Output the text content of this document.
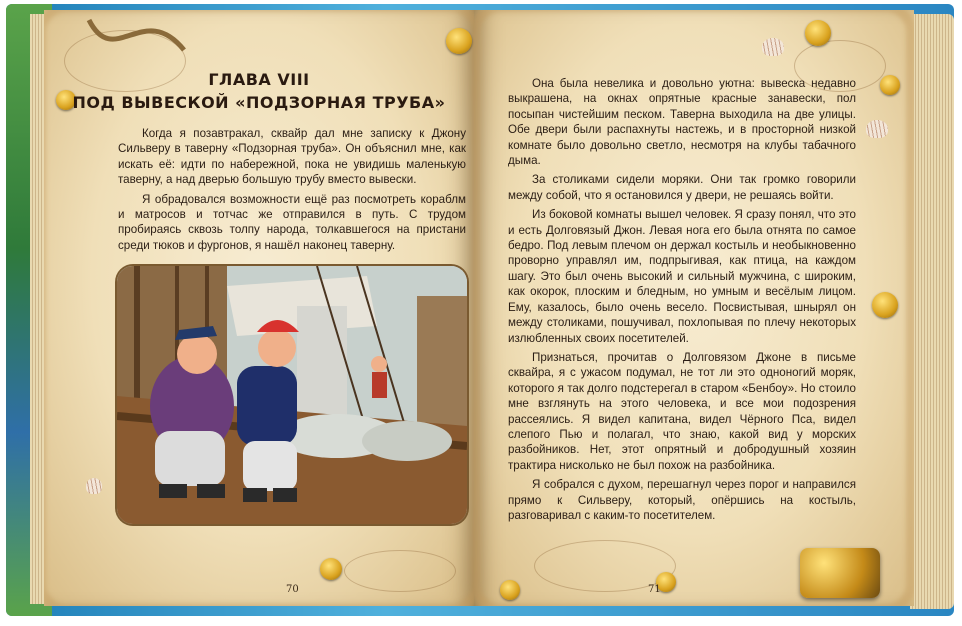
ГЛАВА VIII
ПОД ВЫВЕСКОЙ «ПОДЗОРНАЯ ТРУБА»

Когда я позавтракал, сквайр дал мне записку к Джону Сильверу в таверну «Подзорная труба». Он объяснил мне, как искать её: идти по набережной, пока не увидишь маленькую таверну, а над дверью большую трубу вместо вывески.

Я обрадовался возможности ещё раз посмотреть кораблм и матросов и тотчас же отправился в путь. С трудом пробираясь сквозь толпу народа, толкавшегося на пристани среди тюков и фургонов, я нашёл наконец таверну.

70

Она была невелика и довольно уютна: вывеска недавно выкрашена, на окнах опрятные красные занавески, пол посыпан чистейшим песком. Таверна выходила на две улицы. Обе двери были распахнуты настежь, и в просторной низкой комнате было довольно светло, несмотря на клубы табачного дыма.

За столиками сидели моряки. Они так громко говорили между собой, что я остановился у двери, не решаясь войти.

Из боковой комнаты вышел человек. Я сразу понял, что это и есть Долговязый Джон. Левая нога его была отнята по самое бедро. Под левым плечом он держал костыль и необыкновенно проворно управлял им, подпрыгивая, как птица, на каждом шагу. Это был очень высокий и сильный мужчина, с широким, как окорок, плоским и бледным, но умным и весёлым лицом. Ему, казалось, было очень весело. Посвистывая, шнырял он между столиками, пошучивал, похлопывая по плечу некоторых излюбленных своих посетителей.

Признаться, прочитав о Долговязом Джоне в письме сквайра, я с ужасом подумал, не тот ли это одноногий моряк, которого я так долго подстерегал в старом «Бенбоу». Но стоило мне взглянуть на этого человека, и все мои подозрения рассеялись. Я видел капитана, видел Чёрного Пса, видел слепого Пью и полагал, что знаю, какой вид у морских разбойников. Нет, этот опрятный и добродушный хозяин трактира нисколько не был похож на разбойника.

Я собрался с духом, перешагнул через порог и направился прямо к Сильверу, который, опёршись на костыль, разговаривал с каким-то посетителем.

71
